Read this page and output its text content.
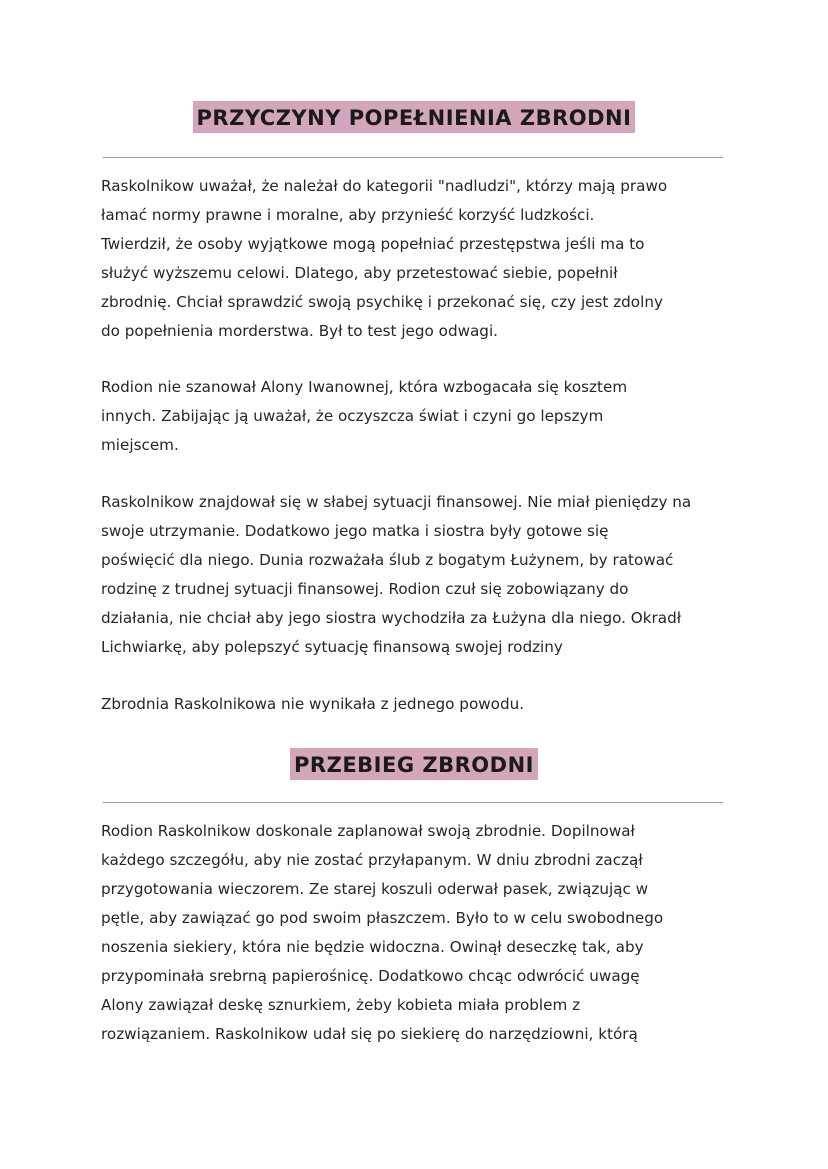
PRZYCZYNY POPEŁNIENIA ZBRODNI
Raskolnikow uważał, że należał do kategorii "nadludzi", którzy mają prawo
łamać normy prawne i moralne, aby przynieść korzyść ludzkości.
Twierdził, że osoby wyjątkowe mogą popełniać przestępstwa jeśli ma to
służyć wyższemu celowi. Dlatego, aby przetestować siebie, popełnił
zbrodnię. Chciał sprawdzić swoją psychikę i przekonać się, czy jest zdolny
do popełnienia morderstwa. Był to test jego odwagi.
Rodion nie szanował Alony Iwanownej, która wzbogacała się kosztem
innych. Zabijając ją uważał, że oczyszcza świat i czyni go lepszym
miejscem.
Raskolnikow znajdował się w słabej sytuacji finansowej. Nie miał pieniędzy na
swoje utrzymanie. Dodatkowo jego matka i siostra były gotowe się
poświęcić dla niego. Dunia rozważała ślub z bogatym Łużynem, by ratować
rodzinę z trudnej sytuacji finansowej. Rodion czuł się zobowiązany do
działania, nie chciał aby jego siostra wychodziła za Łużyna dla niego. Okradł
Lichwiarkę, aby polepszyć sytuację finansową swojej rodziny
Zbrodnia Raskolnikowa nie wynikała z jednego powodu.
PRZEBIEG ZBRODNI
Rodion Raskolnikow doskonale zaplanował swoją zbrodnie. Dopilnował
każdego szczegółu, aby nie zostać przyłapanym. W dniu zbrodni zaczął
przygotowania wieczorem. Ze starej koszuli oderwał pasek, związując w
pętle, aby zawiązać go pod swoim płaszczem. Było to w celu swobodnego
noszenia siekiery, która nie będzie widoczna. Owinął deseczkę tak, aby
przypominała srebrną papierośnicę. Dodatkowo chcąc odwrócić uwagę
Alony zawiązał deskę sznurkiem, żeby kobieta miała problem z
rozwiązaniem. Raskolnikow udał się po siekierę do narzędziowni, którą
